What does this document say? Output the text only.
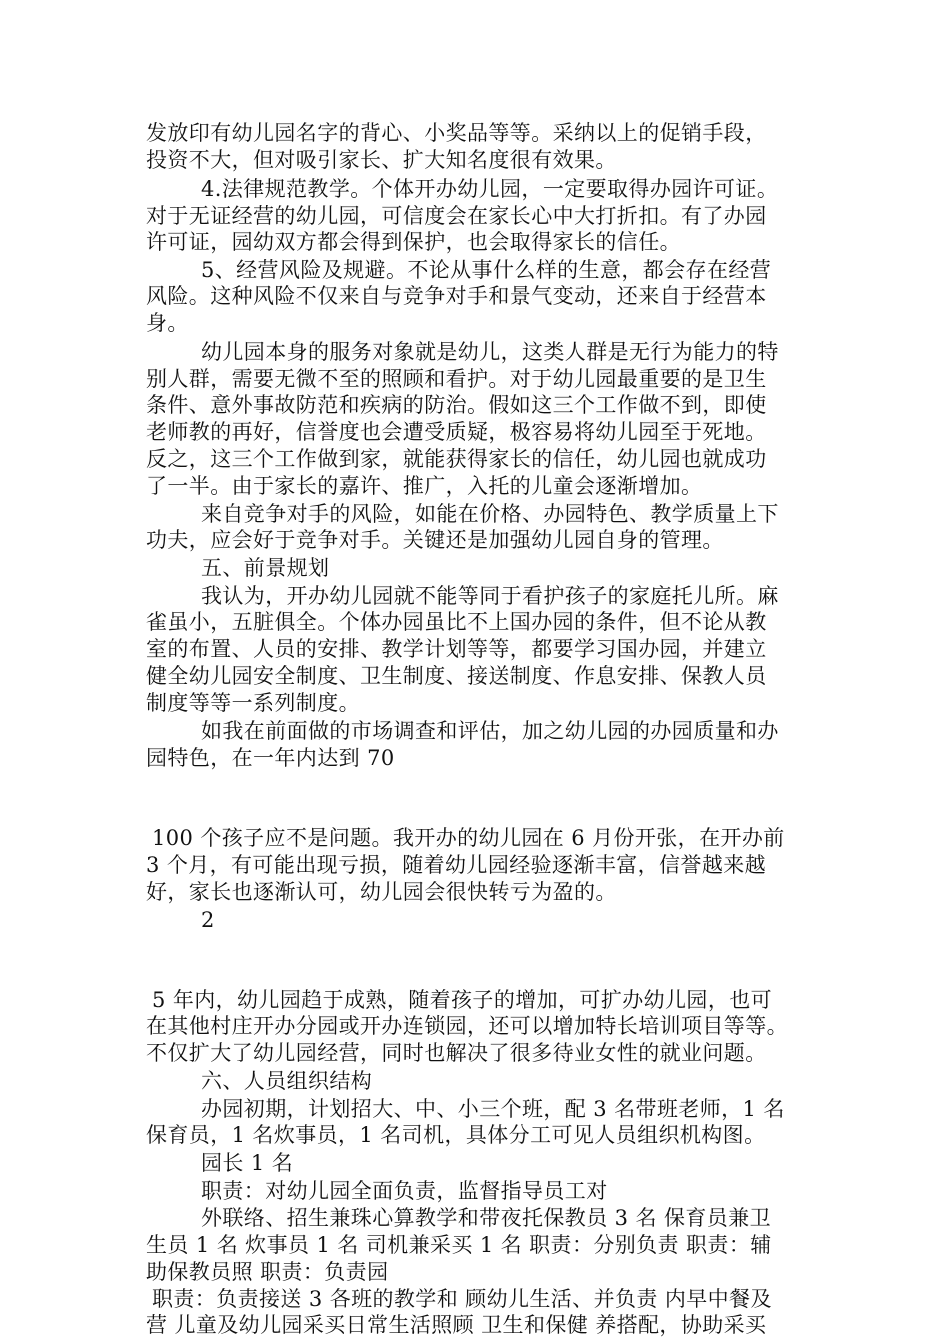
发放印有幼儿园名字的背心、小奖品等等。采纳以上的促销手段，
投资不大，但对吸引家长、扩大知名度很有效果。
4.法律规范教学。个体开办幼儿园，一定要取得办园许可证。
对于无证经营的幼儿园，可信度会在家长心中大打折扣。有了办园
许可证，园幼双方都会得到保护，也会取得家长的信任。
5、经营风险及规避。不论从事什么样的生意，都会存在经营
风险。这种风险不仅来自与竞争对手和景气变动，还来自于经营本
身。
幼儿园本身的服务对象就是幼儿，这类人群是无行为能力的特
别人群，需要无微不至的照顾和看护。对于幼儿园最重要的是卫生
条件、意外事故防范和疾病的防治。假如这三个工作做不到，即使
老师教的再好，信誉度也会遭受质疑，极容易将幼儿园至于死地。
反之，这三个工作做到家，就能获得家长的信任，幼儿园也就成功
了一半。由于家长的嘉许、推广，入托的儿童会逐渐增加。
来自竞争对手的风险，如能在价格、办园特色、教学质量上下
功夫，应会好于竞争对手。关键还是加强幼儿园自身的管理。
五、前景规划
我认为，开办幼儿园就不能等同于看护孩子的家庭托儿所。麻
雀虽小，五脏俱全。个体办园虽比不上国办园的条件，但不论从教
室的布置、人员的安排、教学计划等等，都要学习国办园，并建立
健全幼儿园安全制度、卫生制度、接送制度、作息安排、保教人员
制度等等一系列制度。
如我在前面做的市场调查和评估，加之幼儿园的办园质量和办
园特色，在一年内达到 70
100 个孩子应不是问题。我开办的幼儿园在 6 月份开张，在开办前
3 个月，有可能出现亏损，随着幼儿园经验逐渐丰富，信誉越来越
好，家长也逐渐认可，幼儿园会很快转亏为盈的。
2
5 年内，幼儿园趋于成熟，随着孩子的增加，可扩办幼儿园，也可
在其他村庄开办分园或开办连锁园，还可以增加特长培训项目等等。
不仅扩大了幼儿园经营，同时也解决了很多待业女性的就业问题。
六、人员组织结构
办园初期，计划招大、中、小三个班，配 3 名带班老师，1 名
保育员，1 名炊事员，1 名司机，具体分工可见人员组织机构图。
园长 1 名
职责：对幼儿园全面负责，监督指导员工对
外联络、招生兼珠心算教学和带夜托保教员 3 名 保育员兼卫
生员 1 名 炊事员 1 名 司机兼采买 1 名 职责：分别负责 职责：辅
助保教员照 职责：负责园
职责：负责接送 3 各班的教学和 顾幼儿生活、并负责 内早中餐及
营 儿童及幼儿园采买日常生活照顾 卫生和保健 养搭配，协助采买
